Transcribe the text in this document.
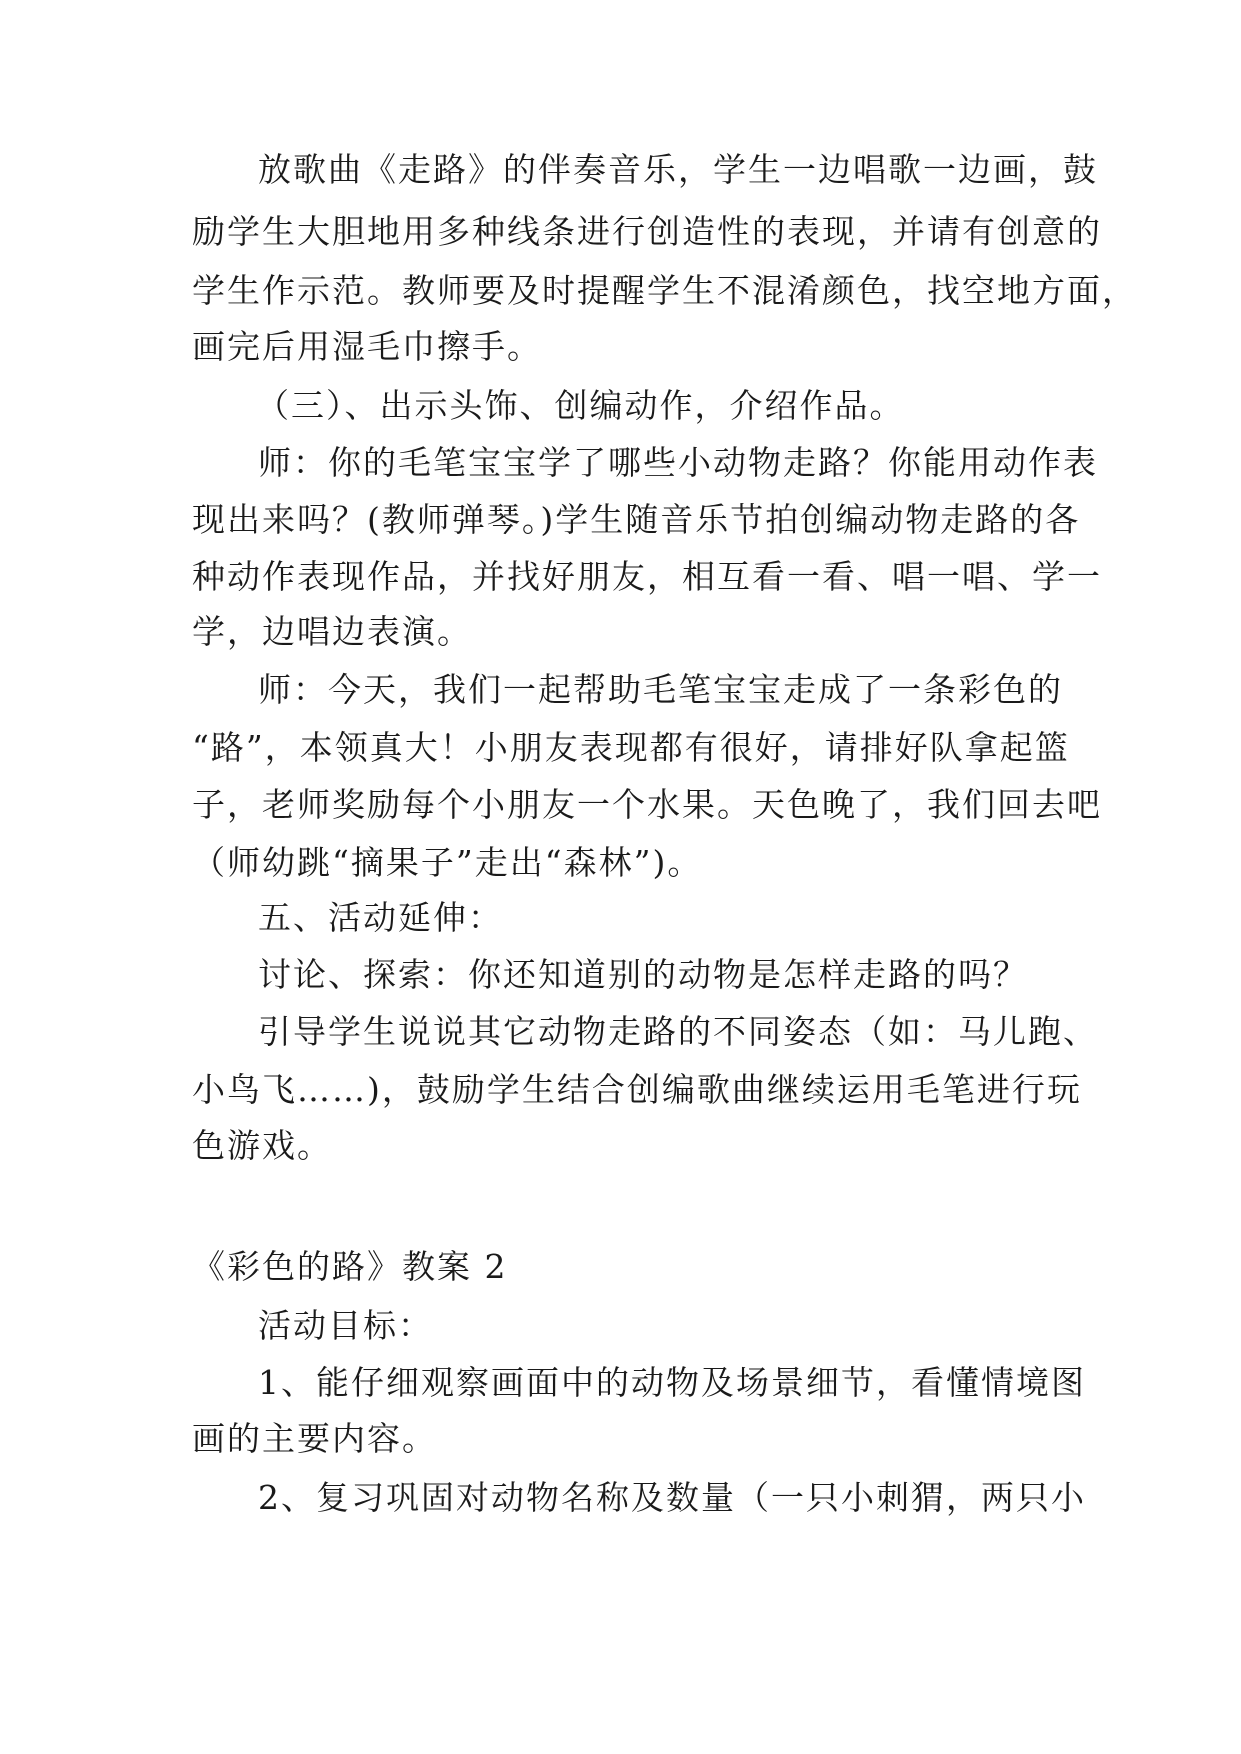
放歌曲《走路》的伴奏音乐，学生一边唱歌一边画，鼓
励学生大胆地用多种线条进行创造性的表现，并请有创意的
学生作示范。教师要及时提醒学生不混淆颜色，找空地方面，
画完后用湿毛巾擦手。
（三）、出示头饰、创编动作，介绍作品。
师：你的毛笔宝宝学了哪些小动物走路？你能用动作表
现出来吗？(教师弹琴。)学生随音乐节拍创编动物走路的各
种动作表现作品，并找好朋友，相互看一看、唱一唱、学一
学，边唱边表演。
师：今天，我们一起帮助毛笔宝宝走成了一条彩色的
“路”，本领真大！小朋友表现都有很好，请排好队拿起篮
子，老师奖励每个小朋友一个水果。天色晚了，我们回去吧
（师幼跳“摘果子”走出“森林”)。
五、活动延伸：
讨论、探索：你还知道别的动物是怎样走路的吗？
引导学生说说其它动物走路的不同姿态（如：马儿跑、
小鸟飞……)，鼓励学生结合创编歌曲继续运用毛笔进行玩
色游戏。
《彩色的路》教案 2
活动目标：
1、能仔细观察画面中的动物及场景细节，看懂情境图
画的主要内容。
2、复习巩固对动物名称及数量（一只小刺猬，两只小
